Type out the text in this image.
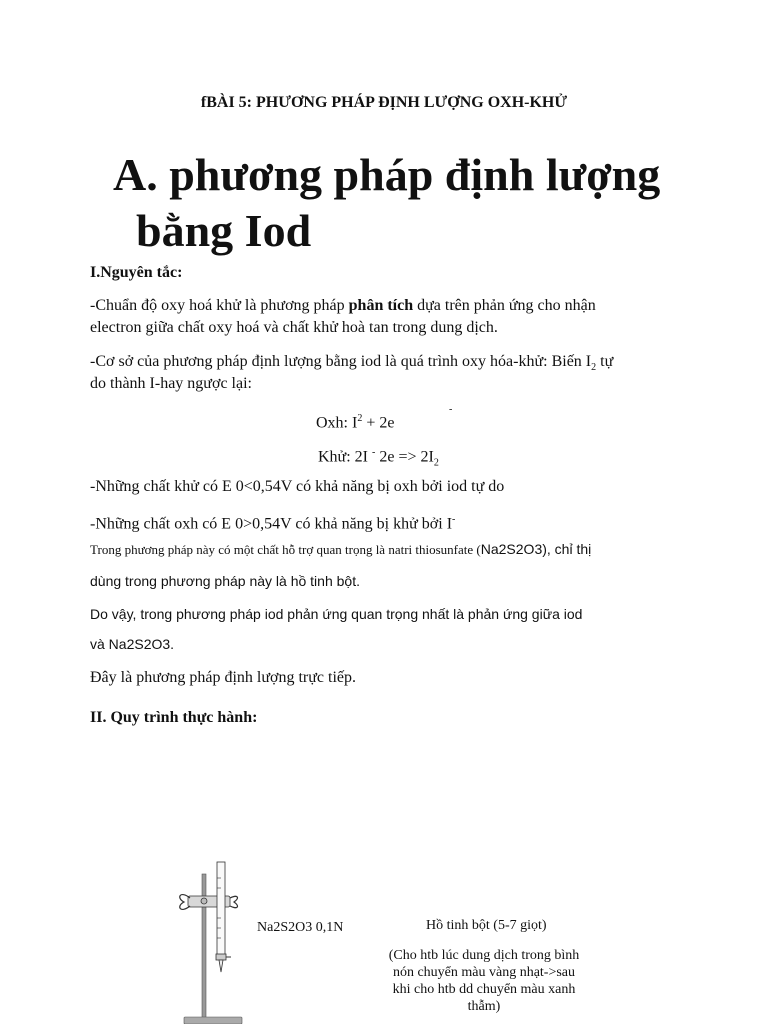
fBÀI 5: PHƯƠNG PHÁP ĐỊNH LƯỢNG OXH-KHỬ
A. phương pháp định lượng
bằng Iod
I.Nguyên tắc:
-Chuẩn độ oxy hoá khử là phương pháp phân tích dựa trên phản ứng cho nhận
electron giữa chất oxy hoá và chất khử hoà tan trong dung dịch.
-Cơ sở của phương pháp định lượng bằng iod là quá trình oxy hóa-khử: Biến $I_2$ tự
do thành I-hay ngược lại:
Oxh: $I^2 + 2e$
-
Khử: 2I - $2e => 2I_2$
-Những chất khử có E 0<0,54V có khả năng bị oxh bởi iod tự do
-Những chất oxh có E 0>0,54V có khả năng bị khử bởi I-
Trong phương pháp này có một chất hỗ trợ quan trọng là natri thiosunfate (Na2S2O3), chỉ thị
dùng trong phương pháp này là hồ tinh bột.
Do vậy, trong phương pháp iod phản ứng quan trọng nhất là phản ứng giữa iod
và Na2S2O3.
Đây là phương pháp định lượng trực tiếp.
II. Quy trình thực hành:
Na2S2O3 0,1N	Hồ tinh bột (5-7 giọt)
(Cho htb lúc dung dịch trong bình nón chuyển màu vàng nhạt->sau khi cho htb dd chuyển màu xanh thẫm)
